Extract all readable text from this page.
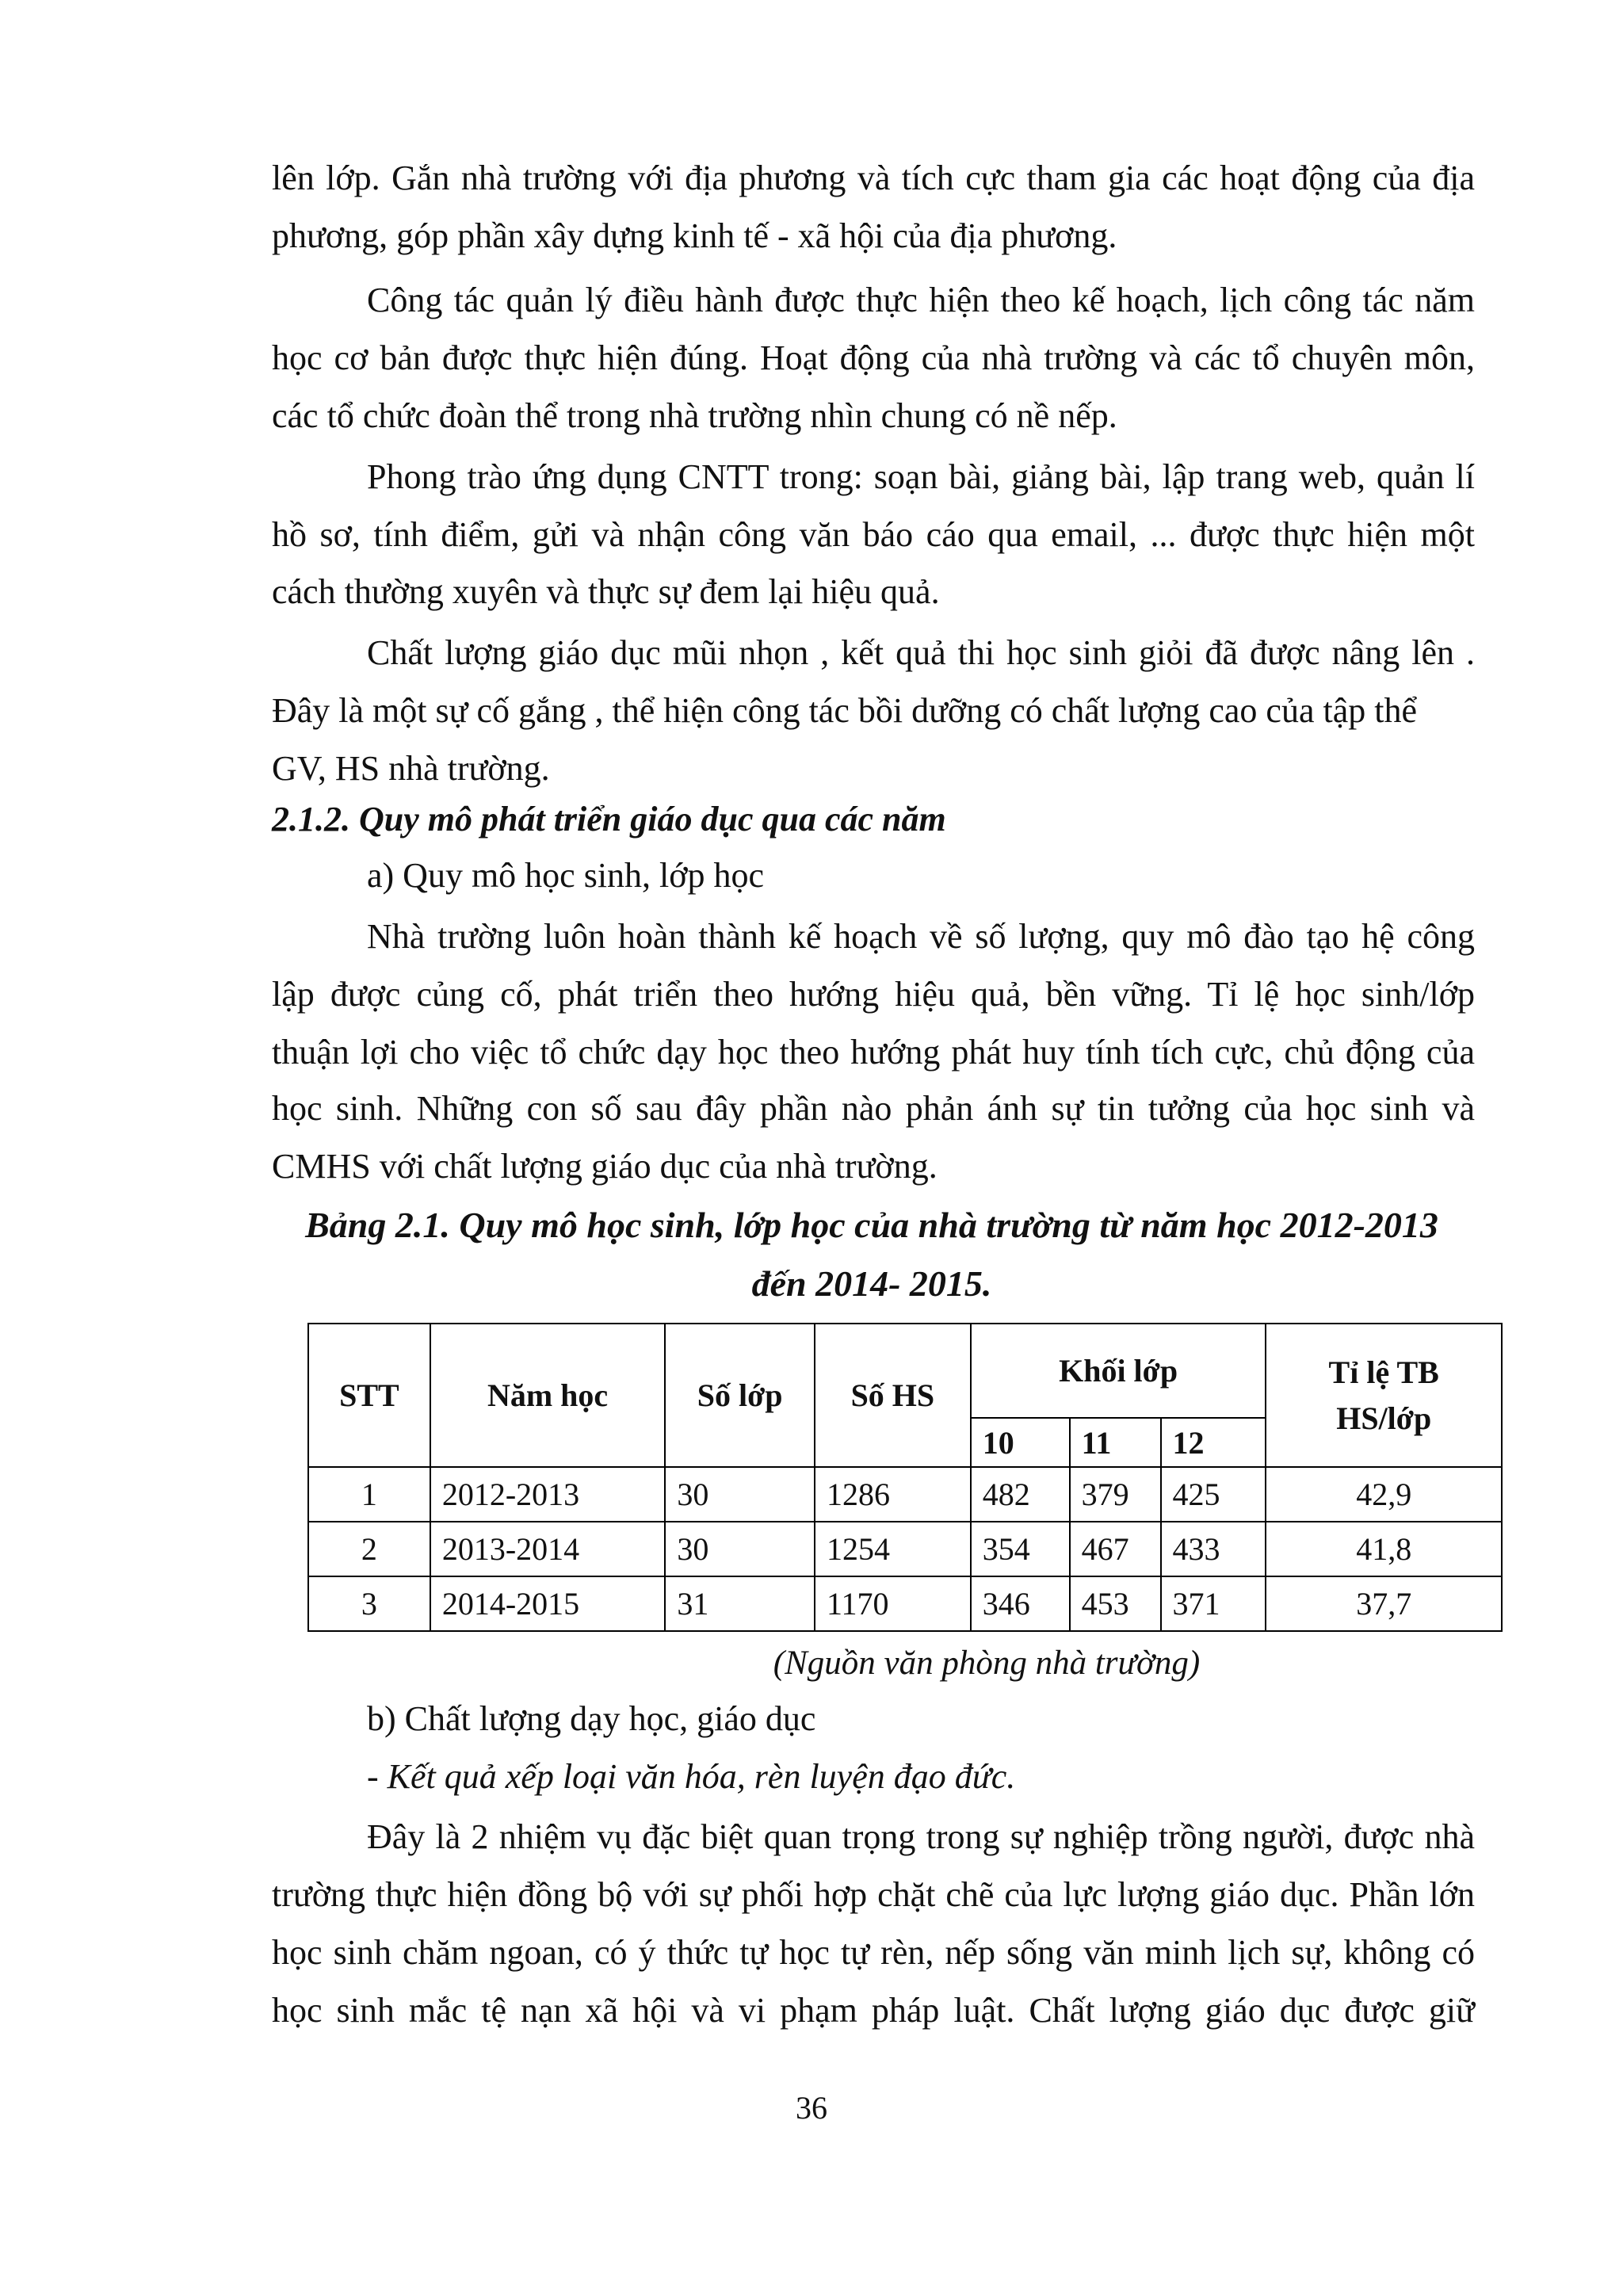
lên lớp. Gắn nhà trường với địa phương và tích cực tham gia các hoạt động của địa
phương, góp phần xây dựng kinh tế - xã hội của địa phương.
Công tác quản lý điều hành được thực hiện theo kế hoạch, lịch công tác năm
học cơ bản được thực hiện đúng. Hoạt động của nhà trường và các tổ chuyên môn,
các tổ chức đoàn thể trong nhà trường nhìn chung có nề nếp.
Phong trào ứng dụng CNTT trong: soạn bài, giảng bài, lập trang web, quản lí
hồ sơ, tính điểm, gửi và nhận công văn báo cáo qua email, ... được thực hiện một
cách thường xuyên và thực sự đem lại hiệu quả.
Chất lượng giáo dục mũi nhọn , kết quả thi học sinh giỏi đã được nâng lên .
Đây là một sự cố gắng , thể hiện công tác bồi dưỡng có chất lượng cao của tập thể
GV, HS nhà trường.
2.1.2. Quy mô phát triển giáo dục qua các năm
a) Quy mô học sinh, lớp học
Nhà trường luôn hoàn thành kế hoạch về số lượng, quy mô đào tạo hệ công
lập được củng cố, phát triển theo hướng hiệu quả, bền vững. Tỉ lệ học sinh/lớp
thuận lợi cho việc tổ chức dạy học theo hướng phát huy tính tích cực, chủ động của
học sinh. Những con số sau đây phần nào phản ánh sự tin tưởng của học sinh và
CMHS với chất lượng giáo dục của nhà trường.
Bảng 2.1. Quy mô học sinh, lớp học của nhà trường từ năm học 2012-2013
đến 2014- 2015.
STT	Năm học	Số lớp	Số HS	Khối lớp			Tỉ lệ TB
HS/lớp
				10	11	12	
1	2012-2013	30	1286	482	379	425	42,9
2	2013-2014	30	1254	354	467	433	41,8
3	2014-2015	31	1170	346	453	371	37,7
(Nguồn văn phòng nhà trường)
b) Chất lượng dạy học, giáo dục
- Kết quả xếp loại văn hóa, rèn luyện đạo đức.
Đây là 2 nhiệm vụ đặc biệt quan trọng trong sự nghiệp trồng người, được nhà
trường thực hiện đồng bộ với sự phối hợp chặt chẽ của lực lượng giáo dục. Phần lớn
học sinh chăm ngoan, có ý thức tự học tự rèn, nếp sống văn minh lịch sự, không có
học sinh mắc tệ nạn xã hội và vi phạm pháp luật. Chất lượng giáo dục được giữ
36
